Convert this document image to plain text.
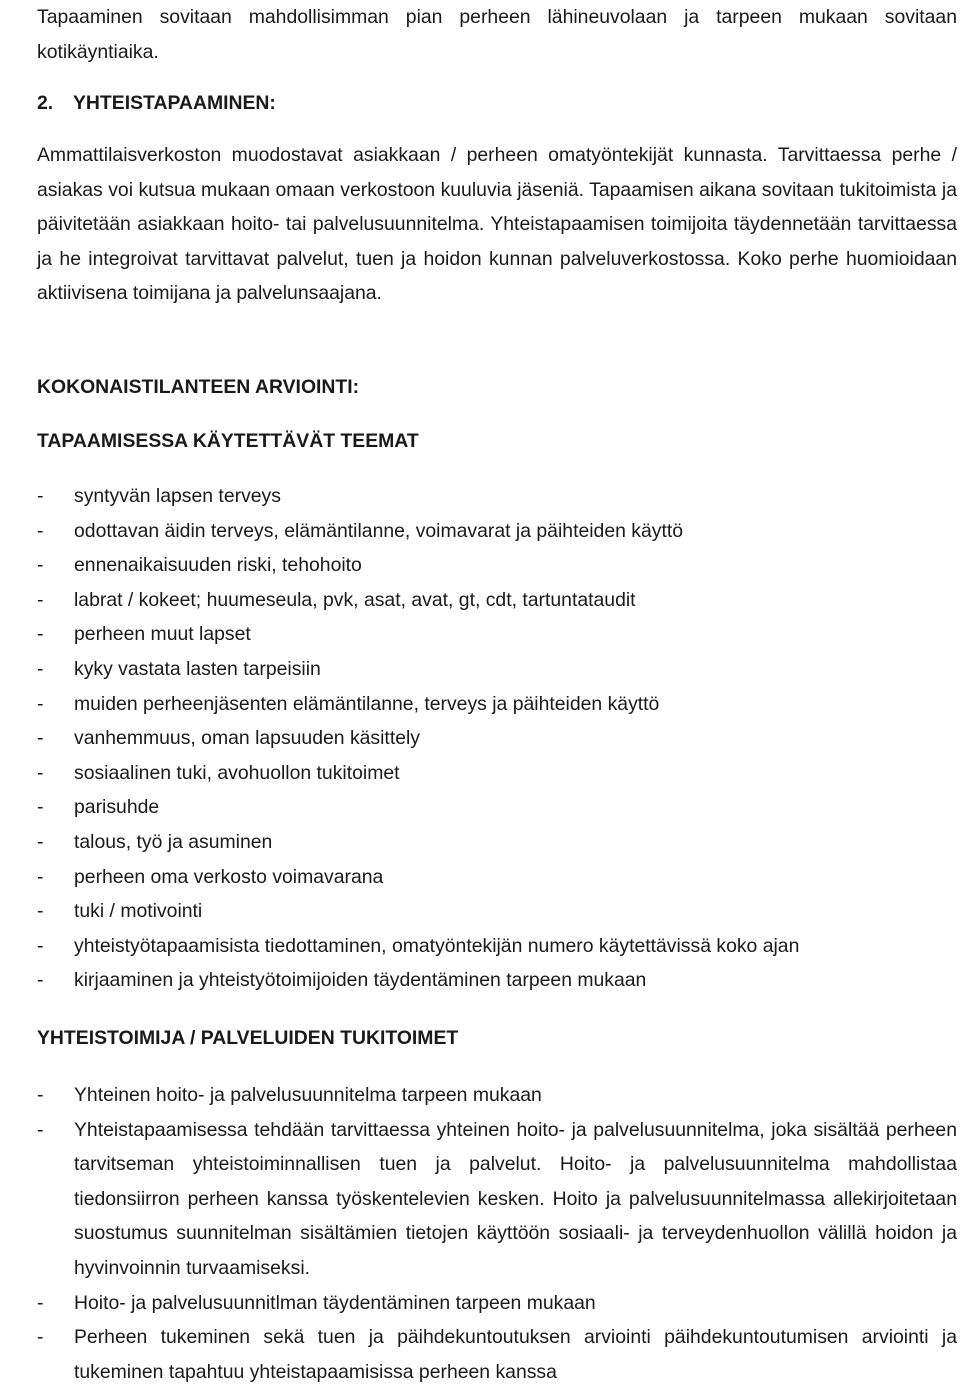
Tapaaminen sovitaan mahdollisimman pian perheen lähineuvolaan ja tarpeen mukaan sovitaan kotikäyntiaika.

2. YHTEISTAPAAMINEN:

Ammattilaisverkoston muodostavat asiakkaan / perheen omatyöntekijät kunnasta. Tarvittaessa perhe / asiakas voi kutsua mukaan omaan verkostoon kuuluvia jäseniä. Tapaamisen aikana sovitaan tukitoimista ja päivitetään asiakkaan hoito- tai palvelusuunnitelma. Yhteistapaamisen toimijoita täydennetään tarvittaessa ja he integroivat tarvittavat palvelut, tuen ja hoidon kunnan palveluverkostossa. Koko perhe huomioidaan aktiivisena toimijana ja palvelunsaajana.

KOKONAISTILANTEEN ARVIOINTI:

TAPAAMISESSA KÄYTETTÄVÄT TEEMAT

- syntyvän lapsen terveys
- odottavan äidin terveys, elämäntilanne, voimavarat ja päihteiden käyttö
- ennenaikaisuuden riski, tehohoito
- labrat / kokeet; huumeseula, pvk, asat, avat, gt, cdt, tartuntataudit
- perheen muut lapset
- kyky vastata lasten tarpeisiin
- muiden perheenjäsenten elämäntilanne, terveys ja päihteiden käyttö
- vanhemmuus, oman lapsuuden käsittely
- sosiaalinen tuki, avohuollon tukitoimet
- parisuhde
- talous, työ ja asuminen
- perheen oma verkosto voimavarana
- tuki / motivointi
- yhteistyötapaamisista tiedottaminen, omatyöntekijän numero käytettävissä koko ajan
- kirjaaminen ja yhteistyötoimijoiden täydentäminen tarpeen mukaan

YHTEISTOIMIJA / PALVELUIDEN TUKITOIMET

- Yhteinen hoito- ja palvelusuunnitelma tarpeen mukaan
- Yhteistapaamisessa tehdään tarvittaessa yhteinen hoito- ja palvelusuunnitelma, joka sisältää perheen tarvitseman yhteistoiminnallisen tuen ja palvelut. Hoito- ja palvelusuunnitelma mahdollistaa tiedonsiirron perheen kanssa työskentelevien kesken. Hoito ja palvelusuunnitelmassa allekirjoitetaan suostumus suunnitelman sisältämien tietojen käyttöön sosiaali- ja terveydenhuollon välillä hoidon ja hyvinvoinnin turvaamiseksi.
- Hoito- ja palvelusuunnitlman täydentäminen tarpeen mukaan
- Perheen tukeminen sekä tuen ja päihdekuntoutuksen arviointi päihdekuntoutumisen arviointi ja tukeminen tapahtuu yhteistapaamisissa perheen kanssa
